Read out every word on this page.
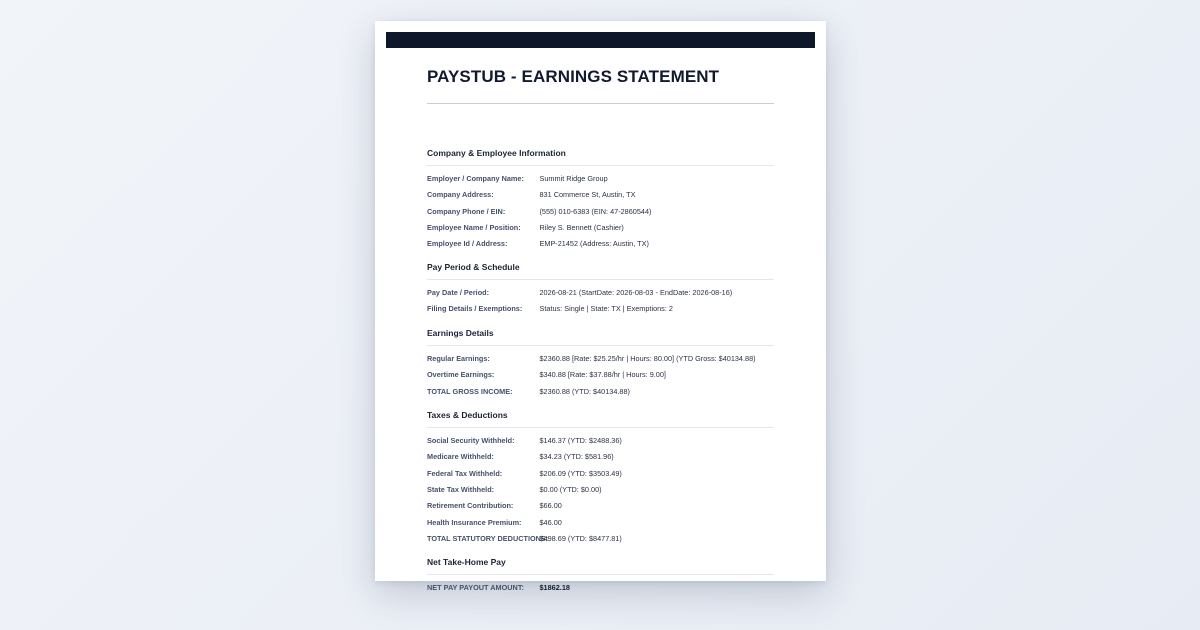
PAYSTUB - EARNINGS STATEMENT
Company & Employee Information
Employer / Company Name:	Summit Ridge Group
Company Address:	831 Commerce St, Austin, TX
Company Phone / EIN:	(555) 010-6383 (EIN: 47-2860544)
Employee Name / Position:	Riley S. Bennett (Cashier)
Employee Id / Address:	EMP-21452 (Address: Austin, TX)
Pay Period & Schedule
Pay Date / Period:	2026-08-21 (StartDate: 2026-08-03 - EndDate: 2026-08-16)
Filing Details / Exemptions:	Status: Single | State: TX | Exemptions: 2
Earnings Details
Regular Earnings:	$2360.88 [Rate: $25.25/hr | Hours: 80.00] (YTD Gross: $40134.88)
Overtime Earnings:	$340.88 [Rate: $37.88/hr | Hours: 9.00]
TOTAL GROSS INCOME:	$2360.88 (YTD: $40134.88)
Taxes & Deductions
Social Security Withheld:	$146.37 (YTD: $2488.36)
Medicare Withheld:	$34.23 (YTD: $581.96)
Federal Tax Withheld:	$206.09 (YTD: $3503.49)
State Tax Withheld:	$0.00 (YTD: $0.00)
Retirement Contribution:	$66.00
Health Insurance Premium:	$46.00
TOTAL STATUTORY DEDUCTIONS:
$498.69 (YTD: $8477.81)
Net Take-Home Pay
NET PAY PAYOUT AMOUNT:	$1862.18
